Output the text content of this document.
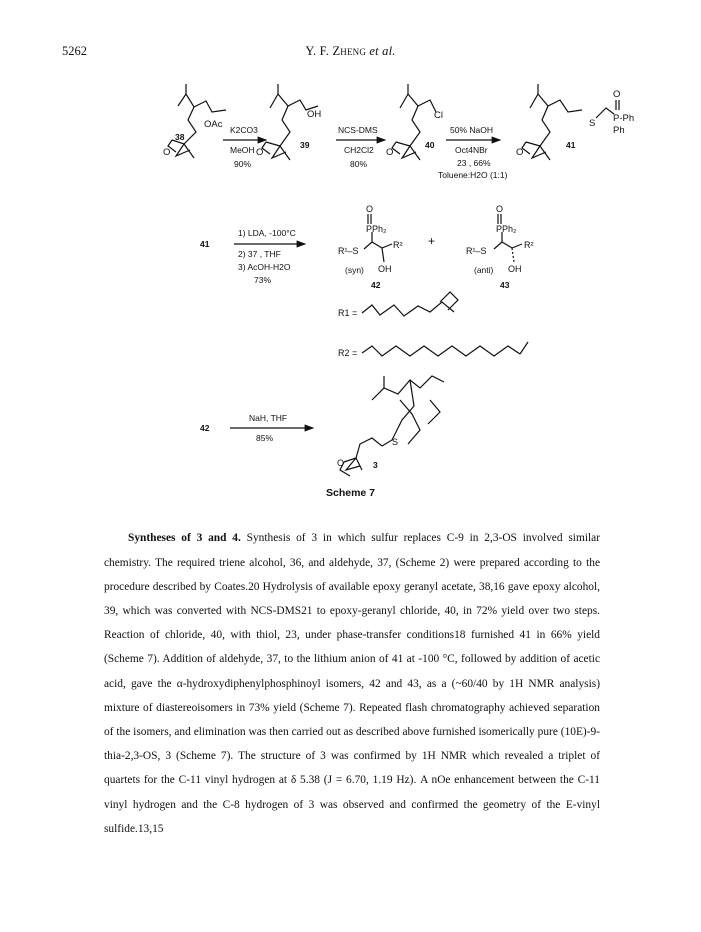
5262	Y. F. Zheng et al.
OAc
38
O
OH
39
O
Cl
40
O
S
O
P-Ph
Ph
41
O
K2CO3
MeOH
90%
NCS-DMS
CH2Cl2
80%
50% NaOH
Oct4NBr
23 , 66%
Toluene:H2O (1:1)
41
1) LDA, -100°C
2) 37 , THF
3) AcOH-H2O
73%
O
PPh₂
R¹–S
R²
OH
(syn)
42
+
O
PPh₂
R¹–S
R²
OH
(anti)
43
R1 =
R2 =
42
NaH, THF
85%	S
O	3
Scheme 7

Syntheses of 3 and 4. Synthesis of 3 in which sulfur replaces C-9 in 2,3-OS involved similar chemistry. The required triene alcohol, 36, and aldehyde, 37, (Scheme 2) were prepared according to the procedure described by Coates.20 Hydrolysis of available epoxy geranyl acetate, 38,16 gave epoxy alcohol, 39, which was converted with NCS-DMS21 to epoxy-geranyl chloride, 40, in 72% yield over two steps. Reaction of chloride, 40, with thiol, 23, under phase-transfer conditions18 furnished 41 in 66% yield (Scheme 7). Addition of aldehyde, 37, to the lithium anion of 41 at -100 °C, followed by addition of acetic acid, gave the α-hydroxydiphenylphosphinoyl isomers, 42 and 43, as a (~60/40 by 1H NMR analysis) mixture of diastereoisomers in 73% yield (Scheme 7). Repeated flash chromatography achieved separation of the isomers, and elimination was then carried out as described above furnished isomerically pure (10E)-9-thia-2,3-OS, 3 (Scheme 7). The structure of 3 was confirmed by 1H NMR which revealed a triplet of quartets for the C-11 vinyl hydrogen at δ 5.38 (J = 6.70, 1.19 Hz). A nOe enhancement between the C-11 vinyl hydrogen and the C-8 hydrogen of 3 was observed and confirmed the geometry of the E-vinyl sulfide.13,15
